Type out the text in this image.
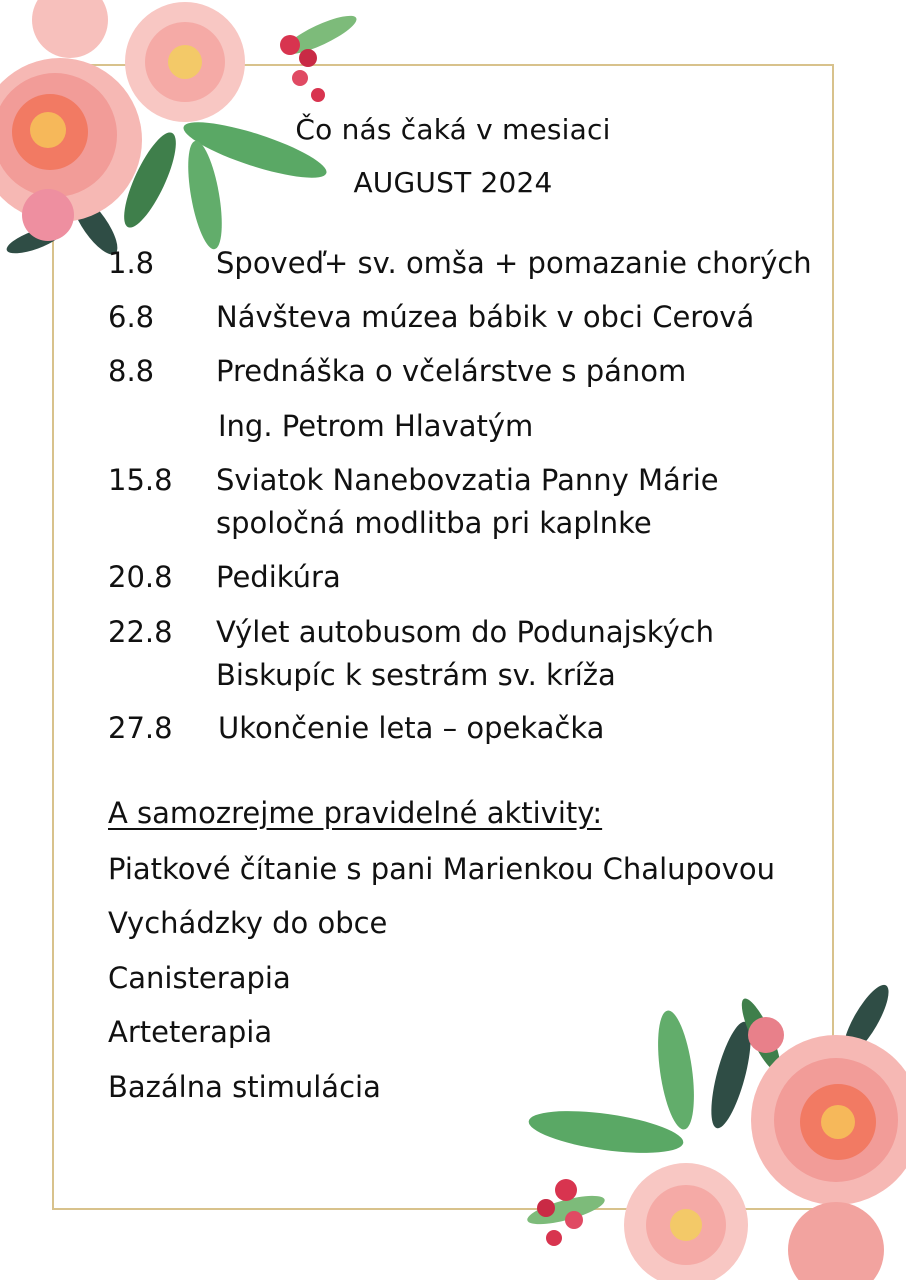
Čo nás čaká v mesiaci
AUGUST 2024
1.8	Spoveď+ sv. omša + pomazanie chorých
6.8	Návšteva múzea bábik v obci Cerová
8.8	Prednáška o včelárstve s pánom
Ing. Petrom Hlavatým
15.8	Sviatok Nanebovzatia Panny Márie
spoločná modlitba pri kaplnke
20.8	Pedikúra
22.8	Výlet autobusom do Podunajských
Biskupíc k sestrám sv. kríža
27.8	Ukončenie leta – opekačka
A samozrejme pravidelné aktivity:
Piatkové čítanie s pani Marienkou Chalupovou
Vychádzky do obce
Canisterapia
Arteterapia
Bazálna stimulácia
